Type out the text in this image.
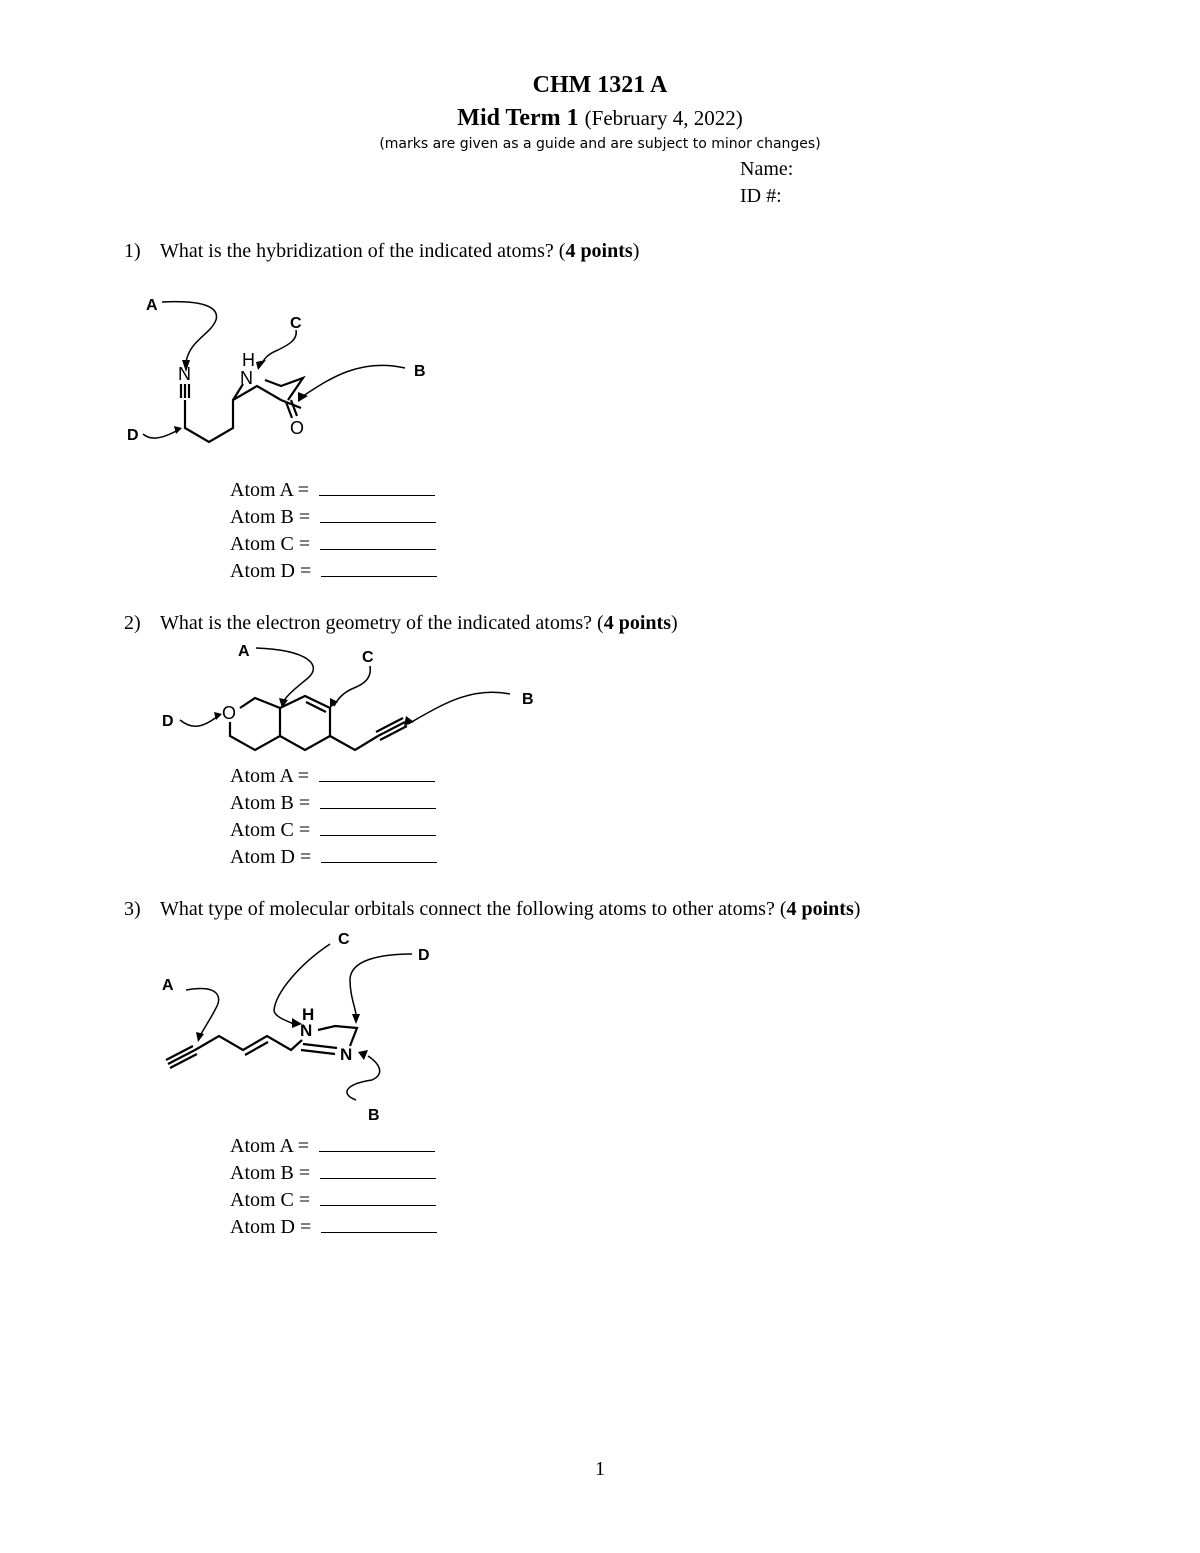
CHM 1321 A
Mid Term 1 (February 4, 2022)
(marks are given as a guide and are subject to minor changes)
Name:
ID #:
1) What is the hybridization of the indicated atoms? (4 points)
A
B
C
D
N	N
H
O
Atom A =
Atom B =
Atom C =
Atom D =
2) What is the electron geometry of the indicated atoms? (4 points)
A
B
C
D	O
Atom A =
Atom B =
Atom C =
Atom D =
3) What type of molecular orbitals connect the following atoms to other atoms? (4 points)
A
B
C
D
H
N
N
Atom A =
Atom B =
Atom C =
Atom D =
1
